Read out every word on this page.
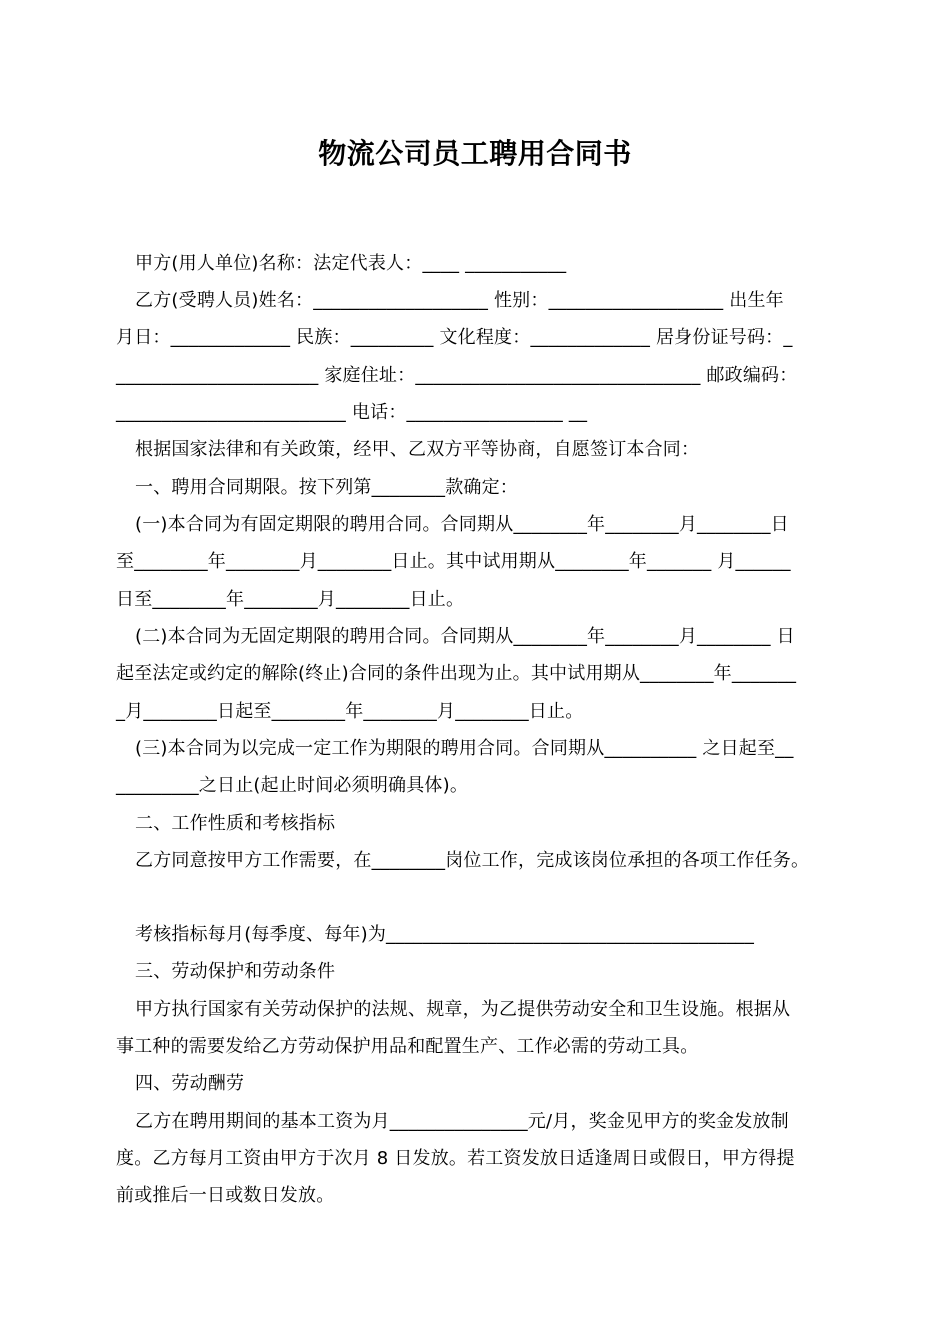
物流公司员工聘用合同书
甲方(用人单位)名称：法定代表人：____ ___________
乙方(受聘人员)姓名：___________________ 性别：___________________ 出生年
月日：_____________ 民族：_________ 文化程度：_____________ 居身份证号码：_
______________________ 家庭住址：_______________________________ 邮政编码：
_________________________ 电话：_________________ __
根据国家法律和有关政策，经甲、乙双方平等协商，自愿签订本合同：
一、聘用合同期限。按下列第________款确定：
(一)本合同为有固定期限的聘用合同。合同期从________年________月________日
至________年________月________日止。其中试用期从________年_______ 月______
日至________年________月________日止。
(二)本合同为无固定期限的聘用合同。合同期从________年________月________ 日
起至法定或约定的解除(终止)合同的条件出现为止。其中试用期从________年_______
_月________日起至________年________月________日止。
(三)本合同为以完成一定工作为期限的聘用合同。合同期从__________ 之日起至__
_________之日止(起止时间必须明确具体)。
二、工作性质和考核指标
乙方同意按甲方工作需要，在________岗位工作，完成该岗位承担的各项工作任务。
考核指标每月(每季度、每年)为________________________________________
三、劳动保护和劳动条件
甲方执行国家有关劳动保护的法规、规章，为乙提供劳动安全和卫生设施。根据从
事工种的需要发给乙方劳动保护用品和配置生产、工作必需的劳动工具。
四、劳动酬劳
乙方在聘用期间的基本工资为月_______________元/月，奖金见甲方的奖金发放制
度。乙方每月工资由甲方于次月 8 日发放。若工资发放日适逢周日或假日，甲方得提
前或推后一日或数日发放。
